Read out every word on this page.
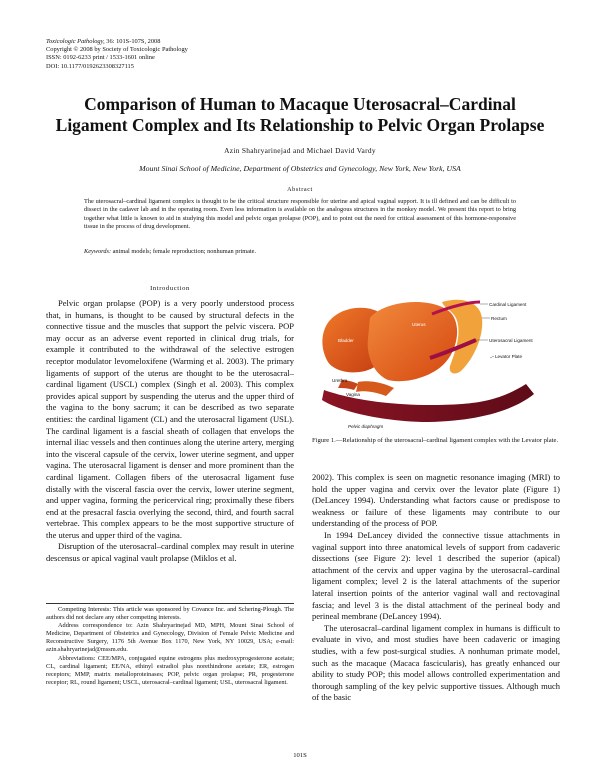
Toxicologic Pathology, 36: 101S-107S, 2008
Copyright © 2008 by Society of Toxicologic Pathology
ISSN: 0192-6233 print / 1533-1601 online
DOI: 10.1177/0192623308327115
Comparison of Human to Macaque Uterosacral–Cardinal
Ligament Complex and Its Relationship to Pelvic Organ Prolapse
Azin Shahryarinejad and Michael David Vardy
Mount Sinai School of Medicine, Department of Obstetrics and Gynecology, New York, New York, USA
Abstract
The uterosacral–cardinal ligament complex is thought to be the critical structure responsible for uterine and apical vaginal support. It is ill defined and can be difficult to dissect in the cadaver lab and in the operating room. Even less information is available on the analogous structures in the monkey model. We present this report to bring together what little is known to aid in studying this model and pelvic organ prolapse (POP), and to point out the need for critical assessment of this hormone-responsive tissue in the process of drug development.
Keywords: animal models; female reproduction; nonhuman primate.
Introduction

Pelvic organ prolapse (POP) is a very poorly understood process that, in humans, is thought to be caused by structural defects in the connective tissue and the muscles that support the pelvic viscera. POP may occur as an adverse event reported in clinical drug trials, for example it contributed to the withdrawal of the selective estrogen receptor modulator levomeloxifene (Warming et al. 2003). The primary ligaments of support of the uterus are thought to be the uterosacral–cardinal ligament (USCL) complex (Singh et al. 2003). This complex provides apical support by suspending the uterus and the upper third of the vagina to the bony sacrum; it can be described as two separate entities: the cardinal ligament (CL) and the uterosacral ligament (USL). The cardinal ligament is a fascial sheath of collagen that envelops the internal iliac vessels and then continues along the uterine artery, merging into the visceral capsule of the cervix, lower uterine segment, and upper vagina. The uterosacral ligament is denser and more prominent than the cardinal ligament. Collagen fibers of the uterosacral ligament fuse distally with the visceral fascia over the cervix, lower uterine segment, and upper vagina, forming the pericervical ring; proximally these fibers end at the presacral fascia overlying the second, third, and fourth sacral vertebrae. This complex appears to be the most supportive structure of the uterus and upper third of the vagina.

Disruption of the uterosacral–cardinal complex may result in uterine descensus or apical vaginal vault prolapse (Miklos et al.

Competing Interests: This article was sponsored by Covance Inc. and Schering-Plough. The authors did not declare any other competing interests.

Address correspondence to: Azin Shahryarinejad MD, MPH, Mount Sinai School of Medicine, Department of Obstetrics and Gynecology, Division of Female Pelvic Medicine and Reconstructive Surgery, 1176 5th Avenue Box 1170, New York, NY 10029, USA; e-mail: azin.shahryarinejad@mssm.edu.

Abbreviations: CEE/MPA, conjugated equine estrogens plus medroxyprogesterone acetate; CL, cardinal ligament; EE/NA, ethinyl estradiol plus norethindrone acetate; ER, estrogen receptors; MMP, matrix metalloproteinases; POP, pelvic organ prolapse; PR, progesterone receptor; RL, round ligament; USCL, uterosacral–cardinal ligament; USL, uterosacral ligament.

Bladder
Uterus
Cardinal Ligament
Rectum
Uterosacral Ligament
Levator Plate
Urethra
Vagina
Pelvic diaphragm
Figure 1.—Relationship of the uterosacral–cardinal ligament complex with the Levator plate.

2002). This complex is seen on magnetic resonance imaging (MRI) to hold the upper vagina and cervix over the levator plate (Figure 1) (DeLancey 1994). Understanding what factors cause or predispose to weakness or failure of these ligaments may contribute to our understanding of the process of POP.

In 1994 DeLancey divided the connective tissue attachments in vaginal support into three anatomical levels of support from cadaveric dissections (see Figure 2): level 1 described the superior (apical) attachment of the cervix and upper vagina by the uterosacral–cardinal ligament complex; level 2 is the lateral attachments of the superior lateral insertion points of the anterior vaginal wall and rectovaginal fascia; and level 3 is the distal attachment of the perineal body and perineal membrane (DeLancey 1994).

The uterosacral–cardinal ligament complex in humans is difficult to evaluate in vivo, and most studies have been cadaveric or imaging studies, with a few post-surgical studies. A nonhuman primate model, such as the macaque (Macaca fascicularis), has greatly enhanced our ability to study POP; this model allows controlled experimentation and thorough sampling of the key pelvic supportive tissues. Although much of the basic

101S
